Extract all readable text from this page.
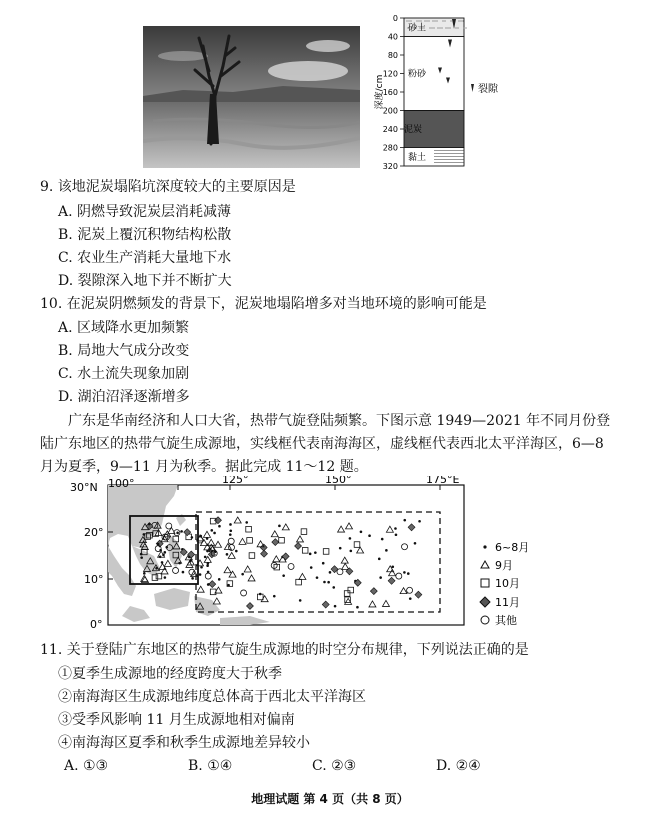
0
40
80
120
160
200
240
280
320
砂土
粉砂
泥炭
黏土
深度/cm	裂隙
9. 该地泥炭塌陷坑深度较大的主要原因是
A. 阴燃导致泥炭层消耗减薄
B. 泥炭上覆沉积物结构松散
C. 农业生产消耗大量地下水
D. 裂隙深入地下并不断扩大
10. 在泥炭阴燃频发的背景下，泥炭地塌陷增多对当地环境的影响可能是
A. 区域降水更加频繁
B. 局地大气成分改变
C. 水土流失现象加剧
D. 湖泊沼泽逐渐增多
广东是华南经济和人口大省，热带气旋登陆频繁。下图示意 1949—2021 年不同月份登陆广东地区的热带气旋生成源地，实线框代表南海海区，虚线框代表西北太平洋海区，6—8 月为夏季，9—11 月为秋季。据此完成 11～12 题。
100°	125°	150°	175°E
30°N
20°
10°
0°
6~8月
9月
10月
11月
其他
11. 关于登陆广东地区的热带气旋生成源地的时空分布规律，下列说法正确的是
①夏季生成源地的经度跨度大于秋季
②南海海区生成源地纬度总体高于西北太平洋海区
③受季风影响 11 月生成源地相对偏南
④南海海区夏季和秋季生成源地差异较小
A. ①③	B. ①④	C. ②③	D. ②④
地理试题 第 4 页（共 8 页）
